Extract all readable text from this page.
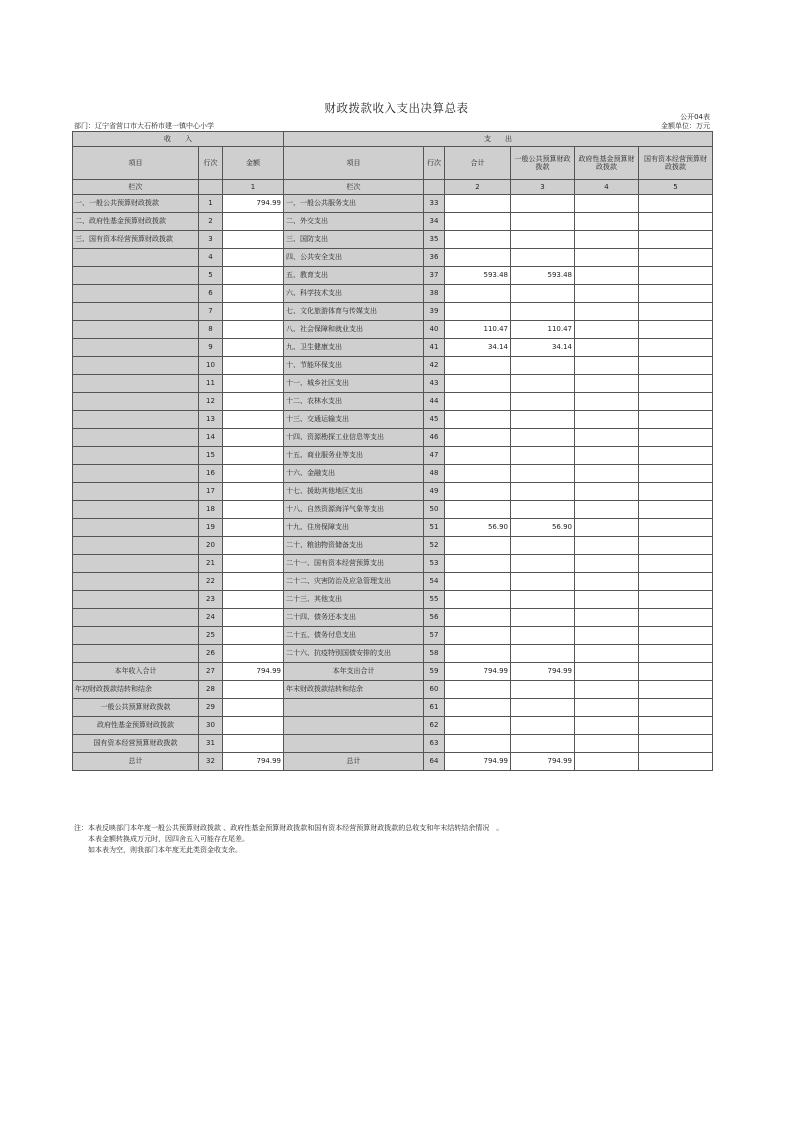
财政拨款收入支出决算总表
公开04表
部门：辽宁省营口市大石桥市建一镇中心小学	金额单位：万元
收　　入			支　　出					
项目	行次	金额	项目	行次	合计	一般公共预算财政拨款	政府性基金预算财政拨款	国有资本经营预算财政拨款
栏次		1	栏次		2	3	4	5
一、一般公共预算财政拨款	1	794.99	一、一般公共服务支出	33				
二、政府性基金预算财政拨款	2		二、外交支出	34				
三、国有资本经营预算财政拨款	3		三、国防支出	35				
	4		四、公共安全支出	36				
	5		五、教育支出	37	593.48	593.48		
	6		六、科学技术支出	38				
	7		七、文化旅游体育与传媒支出	39				
	8		八、社会保障和就业支出	40	110.47	110.47		
	9		九、卫生健康支出	41	34.14	34.14		
	10		十、节能环保支出	42				
	11		十一、城乡社区支出	43				
	12		十二、农林水支出	44				
	13		十三、交通运输支出	45				
	14		十四、资源勘探工业信息等支出	46				
	15		十五、商业服务业等支出	47				
	16		十六、金融支出	48				
	17		十七、援助其他地区支出	49				
	18		十八、自然资源海洋气象等支出	50				
	19		十九、住房保障支出	51	56.90	56.90		
	20		二十、粮油物资储备支出	52				
	21		二十一、国有资本经营预算支出	53				
	22		二十二、灾害防治及应急管理支出	54				
	23		二十三、其他支出	55				
	24		二十四、债务还本支出	56				
	25		二十五、债务付息支出	57				
	26		二十六、抗疫特别国债安排的支出	58				
本年收入合计	27	794.99	本年支出合计	59	794.99	794.99		
年初财政拨款结转和结余	28		年末财政拨款结转和结余	60				
一般公共预算财政拨款	29			61				
政府性基金预算财政拨款	30			62				
国有资本经营预算财政拨款	31			63				
总计	32	794.99	总计	64	794.99	794.99		
注：本表反映部门本年度一般公共预算财政拨款 、政府性基金预算财政拨款和国有资本经营预算财政拨款的总收支和年末结转结余情况　。
本表金额转换成万元时，因四舍五入可能存在尾差。
如本表为空，则我部门本年度无此类资金收支余。
